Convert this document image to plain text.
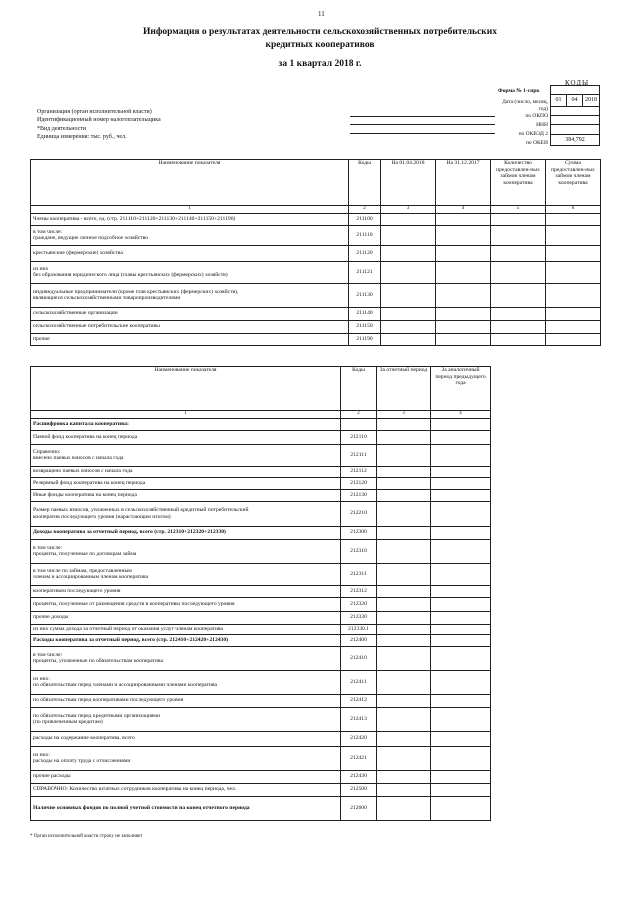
11
Информация о результатах деятельности сельскохозяйственных потребительских
кредитных кооперативов
за 1 квартал 2018 г.
КОДЫ
Форма № 1-спрк
Дата (число, месяц, год)
по ОКПО
ИНН
по ОКВЭД 2
по ОКЕИ
01	04	2018
384,792
Организация (орган исполнительной власти)
Идентификационный номер налогоплательщика
*Вид деятельности
Единица измерения: тыс. руб., чел.
Наименование показателя	Коды	На 01.04.2018	На 31.12.2017	Количество предоставлен-ных займов членам кооператива	Сумма предоставлен-ных займов членам кооператива
1	2	3	4	5	6

Члены кооператива - всего, ед. (стр. 211110+211120+211130+211140+211150+211190)	211100				

в том числе:
граждане, ведущие личное подсобное хозяйство	211110				

крестьянские (фермерские) хозяйства	211120				

из них
без образования юридического лица (главы крестьянских (фермерских) хозяйств)	211121				

индивидуальные предприниматели (кроме глав крестьянских (фермерских) хозяйств),
являющиеся сельскохозяйственными товаропроизводителями	211130				

сельскохозяйственные организации	211140				

сельскохозяйственные потребительские кооперативы	211150				

прочие	211190				
Наименование показателя	Коды	За отчетный период	За аналогичный период предыдущего года
1	2	3	4

Расшифровка капитала кооператива:			

Паевой фонд кооператива на конец периода	212110		

Справочно:
внесено паевых взносов с начала года	212111		

возвращено паевых взносов с начала года	212112		

Резервный фонд кооператива на конец периода	212120		

Иные фонды кооператива на конец периода	212130		

Размер паевых взносов, уплаченных в сельскохозяйственный кредитный потребительский
кооператив последующего уровня (нарастающим итогом)	212210		

Доходы кооператива за отчетный период, всего (стр. 212310+212320+212330)	212300		

в том числе:
проценты, полученные по договорам займа	212310		

в том числе по займам, предоставленным
членам и ассоциированным членам кооператива	212311		

кооперативом последующего уровня	212312		

проценты, полученные от размещения средств в кооперативы последующего уровня	212320		

прочие доходы	212330		

из них сумма дохода за отчетный период от оказания услуг членам кооператива	212330.1		

Расходы кооператива за отчетный период, всего (стр. 212410+212420+212430)	212400		

в том числе:
проценты, уплаченные по обязательствам кооператива	212410		

из них:
по обязательствам перед членами и ассоциированными членами кооператива	212411		

по обязательствам перед кооперативами последующего уровня	212412		

по обязательствам перед кредитными организациями
(по привлеченным кредитам)	212413		

расходы на содержание кооператива, всего	212420		

из них:
расходы на оплату труда с отчислениями	212421		

прочие расходы	212430		

СПРАВОЧНО: Количество штатных сотрудников кооператива на конец периода, чел.	212500		

Наличие основных фондов по полной учетной стоимости на конец отчетного периода	212600		
* Орган исполнительной власти строку не заполняет
